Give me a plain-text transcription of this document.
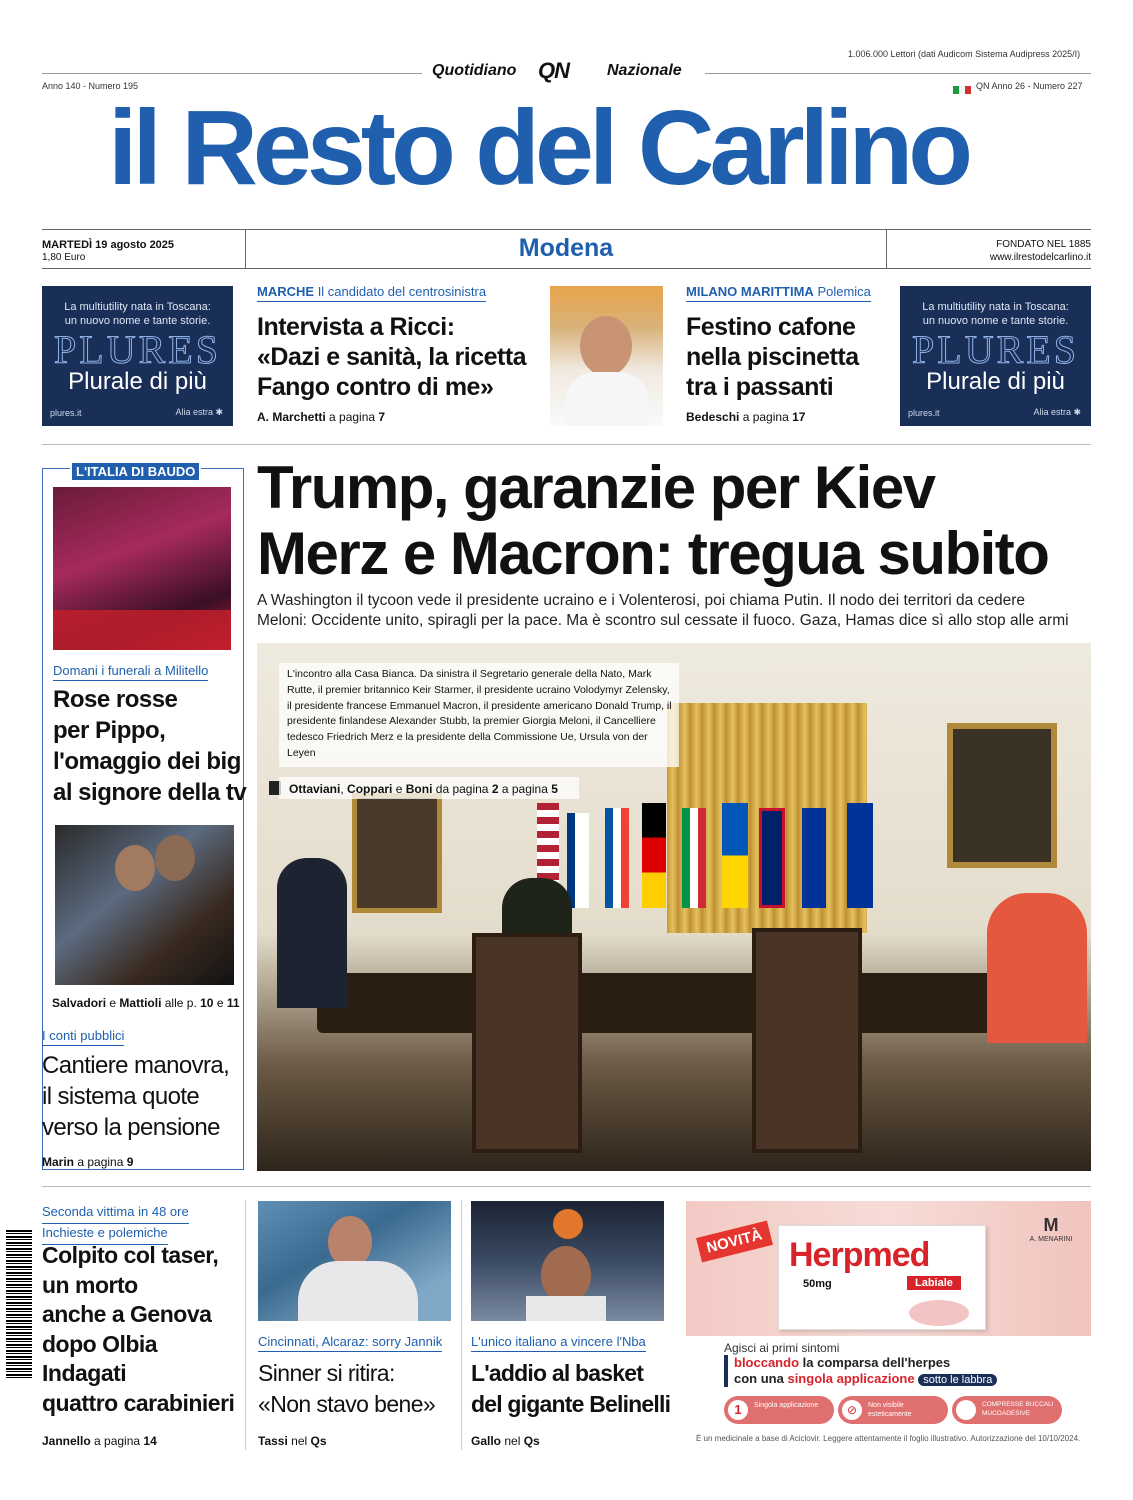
1.006.000 Lettori (dati Audicom Sistema Audipress 2025/I)
Quotidiano QN Nazionale
Anno 140 - Numero 195	QN Anno 26 - Numero 227
il Resto del Carlino
MARTEDÌ 19 agosto 2025
1,80 Euro	Modena	FONDATO NEL 1885
www.ilrestodelcarlino.it
La multiutility nata in Toscana:
un nuovo nome e tante storie.
PLURES
Plurale di più
plures.it	Alia estra ✱
MARCHE Il candidato del centrosinistra
Intervista a Ricci:
«Dazi e sanità, la ricetta
Fango contro di me»
A. Marchetti a pagina 7
MILANO MARITTIMA Polemica
Festino cafone
nella piscinetta
tra i passanti
Bedeschi a pagina 17
La multiutility nata in Toscana:
un nuovo nome e tante storie.
PLURES
Plurale di più
plures.it	Alia estra ✱
L'ITALIA DI BAUDO
Domani i funerali a Militello
Rose rosse
per Pippo,
l'omaggio dei big
al signore della tv
Salvadori e Mattioli alle p. 10 e 11
I conti pubblici
Cantiere manovra,
il sistema quote
verso la pensione
Marin a pagina 9
Trump, garanzie per Kiev
Merz e Macron: tregua subito
A Washington il tycoon vede il presidente ucraino e i Volenterosi, poi chiama Putin. Il nodo dei territori da cedere
Meloni: Occidente unito, spiragli per la pace. Ma è scontro sul cessate il fuoco. Gaza, Hamas dice sì allo stop alle armi
L'incontro alla Casa Bianca. Da sinistra il Segretario generale della Nato, Mark Rutte, il premier britannico Keir Starmer, il presidente ucraino Volodymyr Zelensky, il presidente francese Emmanuel Macron, il presidente americano Donald Trump, il presidente finlandese Alexander Stubb, la premier Giorgia Meloni, il Cancelliere tedesco Friedrich Merz e la presidente della Commissione Ue, Ursula von der Leyen
Ottaviani, Coppari e Boni da pagina 2 a pagina 5
Seconda vittima in 48 ore
Inchieste e polemiche
Colpito col taser,
un morto
anche a Genova
dopo Olbia
Indagati
quattro carabinieri
Jannello a pagina 14
Cincinnati, Alcaraz: sorry Jannik
Sinner si ritira:
«Non stavo bene»
Tassi nel Qs
L'unico italiano a vincere l'Nba
L'addio al basket
del gigante Belinelli
Gallo nel Qs
NOVITÀ Herpmed
50mg	Labiale
M
A. MENARINI
Agisci ai primi sintomi
bloccando la comparsa dell'herpes
con una singola applicazione sotto le labbra
1	Singola applicazione	⊘	Non visibile esteticamente
COMPRESSE BUCCALI MUCOADESIVE
È un medicinale a base di Aciclovir. Leggere attentamente il foglio illustrativo. Autorizzazione del 10/10/2024.
